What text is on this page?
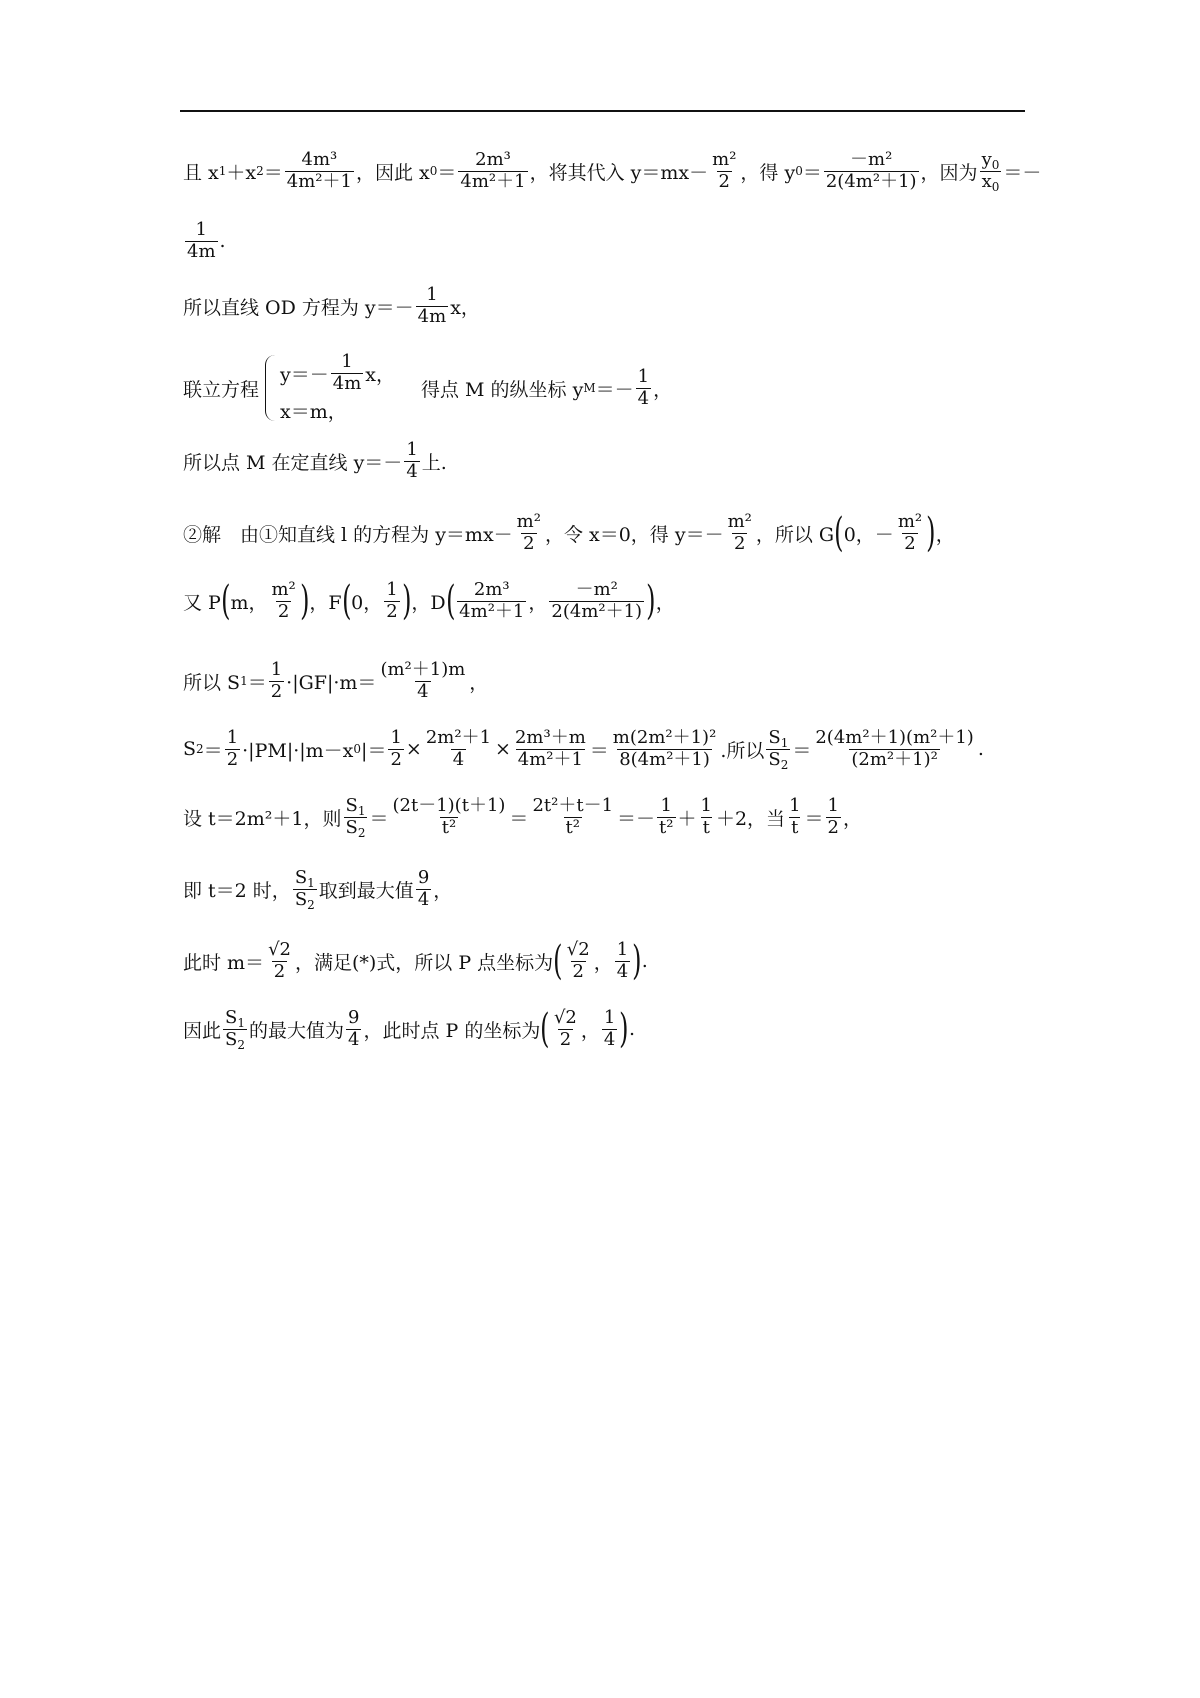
且 x 1 ＋x $2 = \frac{\text{4m³}}{\text{4m²＋1}}$ ，因此 x $0 = \frac{\text{2m³}}{\text{4m²＋1}}$ ，将其代入 $y=mx- \frac{\text{m²}}{2}$ ，得 y $0 = \frac{\text{－m²}}{\text{2(4m²＋1)}}$ ，因为 $\frac{y_0}{x_0}$ ＝－
$\frac{1}{4m}$ .
所以直线 OD 方程为 $y=- \frac{1}{4m}$ x，
联立方程
$y=- \frac{1}{4m}$ x，
x＝m，
得点 M 的纵坐标 y $M =- \frac{1}{4}$ ，
所以点 M 在定直线 $y=- \frac{1}{4}$ 上.
②解　由①知直线 l 的方程为 $y=mx- \frac{\text{m²}}{2}$ ，令 x＝0，得 $y=- \frac{\text{m²}}{2}$ ，所以 G ( 0，－ $\frac{\text{m²}}{2}$ ) ，
又 P ( m， $\frac{\text{m²}}{2}$ ) ，F ( 0， $\frac{1}{2}$ ) ，D ( $\frac{\text{2m³}}{\text{4m²＋1}}$ ， $\frac{\text{－m²}}{\text{2(4m²＋1)}}$ ) ，
所以 S $1 = \frac{1}{2} \cdot|GF|\cdot m= \frac{\text{(m²＋1)m}}{4}$ ，
S $2 = \frac{1}{2} \cdot|PM|\cdot|m-x$ 0 |＝ $\frac{1}{2} \times \frac{\text{2m²＋1}}{4} \times \frac{\text{2m³＋m}}{\text{4m²＋1}} = \frac{\text{m(2m²＋1)²}}{\text{8(4m²＋1)}}$ .所以 $\frac{S_1}{S_2} = \frac{\text{2(4m²＋1)(m²＋1)}}{\text{(2m²＋1)²}}$ .
设 t＝2m²＋1，则 $\frac{S_1}{S_2} = \frac{(2t-1)(t+1)}{\text{t²}} = \frac{\text{2t²＋t－1}}{\text{t²}} =- \frac{1}{\text{t²}} + \frac{1}{t} +2$，当 $\frac{1}{t} = \frac{1}{2}$ ，
即 t＝2 时， $\frac{S_1}{S_2}$ 取到最大值 $\frac{9}{4}$ ，
此时 $m= \frac{√2}{2}$ ，满足(*)式，所以 P 点坐标为 ( $\frac{√2}{2}$ ， $\frac{1}{4}$ ) .
因此 $\frac{S_1}{S_2}$ 的最大值为 $\frac{9}{4}$ ，此时点 P 的坐标为 ( $\frac{√2}{2}$ ， $\frac{1}{4}$ ) .
